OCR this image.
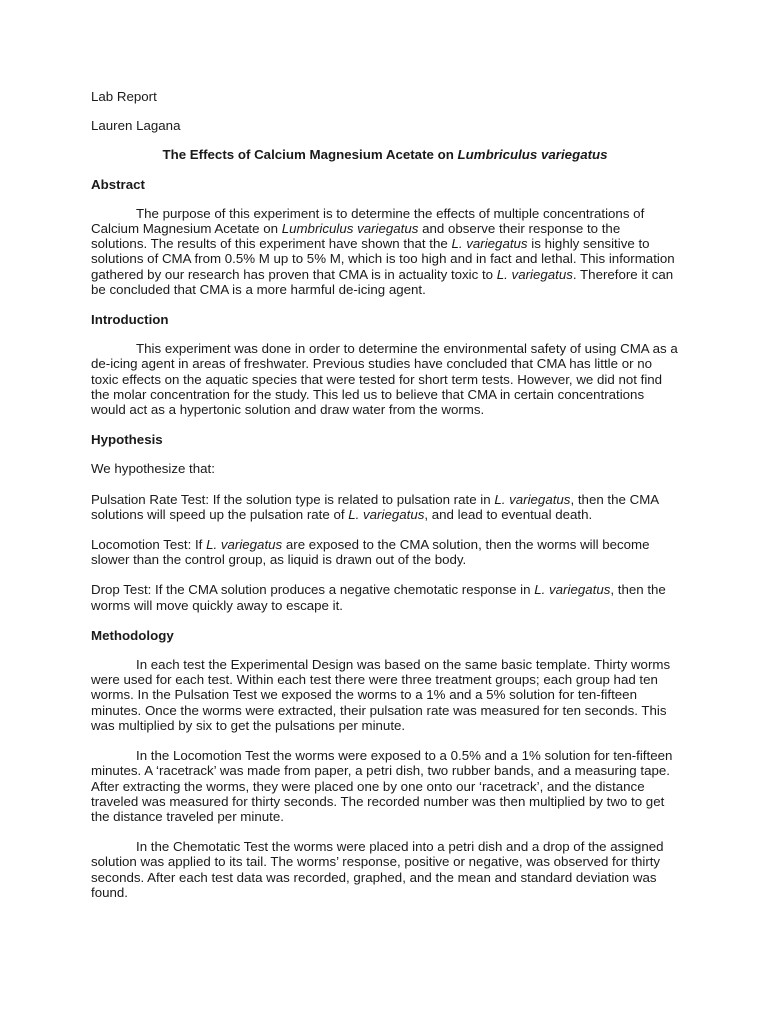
Lab Report

Lauren Lagana

The Effects of Calcium Magnesium Acetate on Lumbriculus variegatus

Abstract

The purpose of this experiment is to determine the effects of multiple concentrations of Calcium Magnesium Acetate on Lumbriculus variegatus and observe their response to the solutions. The results of this experiment have shown that the L. variegatus is highly sensitive to solutions of CMA from 0.5% M up to 5% M, which is too high and in fact and lethal. This information gathered by our research has proven that CMA is in actuality toxic to L. variegatus. Therefore it can be concluded that CMA is a more harmful de-icing agent.

Introduction

This experiment was done in order to determine the environmental safety of using CMA as a de-icing agent in areas of freshwater. Previous studies have concluded that CMA has little or no toxic effects on the aquatic species that were tested for short term tests. However, we did not find the molar concentration for the study. This led us to believe that CMA in certain concentrations would act as a hypertonic solution and draw water from the worms.

Hypothesis

We hypothesize that:

Pulsation Rate Test: If the solution type is related to pulsation rate in L. variegatus, then the CMA solutions will speed up the pulsation rate of L. variegatus, and lead to eventual death.

Locomotion Test: If L. variegatus are exposed to the CMA solution, then the worms will become slower than the control group, as liquid is drawn out of the body.

Drop Test: If the CMA solution produces a negative chemotatic response in L. variegatus, then the worms will move quickly away to escape it.

Methodology

In each test the Experimental Design was based on the same basic template. Thirty worms were used for each test. Within each test there were three treatment groups; each group had ten worms. In the Pulsation Test we exposed the worms to a 1% and a 5% solution for ten-fifteen minutes. Once the worms were extracted, their pulsation rate was measured for ten seconds. This was multiplied by six to get the pulsations per minute.

In the Locomotion Test the worms were exposed to a 0.5% and a 1% solution for ten-fifteen minutes. A ‘racetrack’ was made from paper, a petri dish, two rubber bands, and a measuring tape. After extracting the worms, they were placed one by one onto our ‘racetrack’, and the distance traveled was measured for thirty seconds. The recorded number was then multiplied by two to get the distance traveled per minute.

In the Chemotatic Test the worms were placed into a petri dish and a drop of the assigned solution was applied to its tail. The worms’ response, positive or negative, was observed for thirty seconds. After each test data was recorded, graphed, and the mean and standard deviation was found.
